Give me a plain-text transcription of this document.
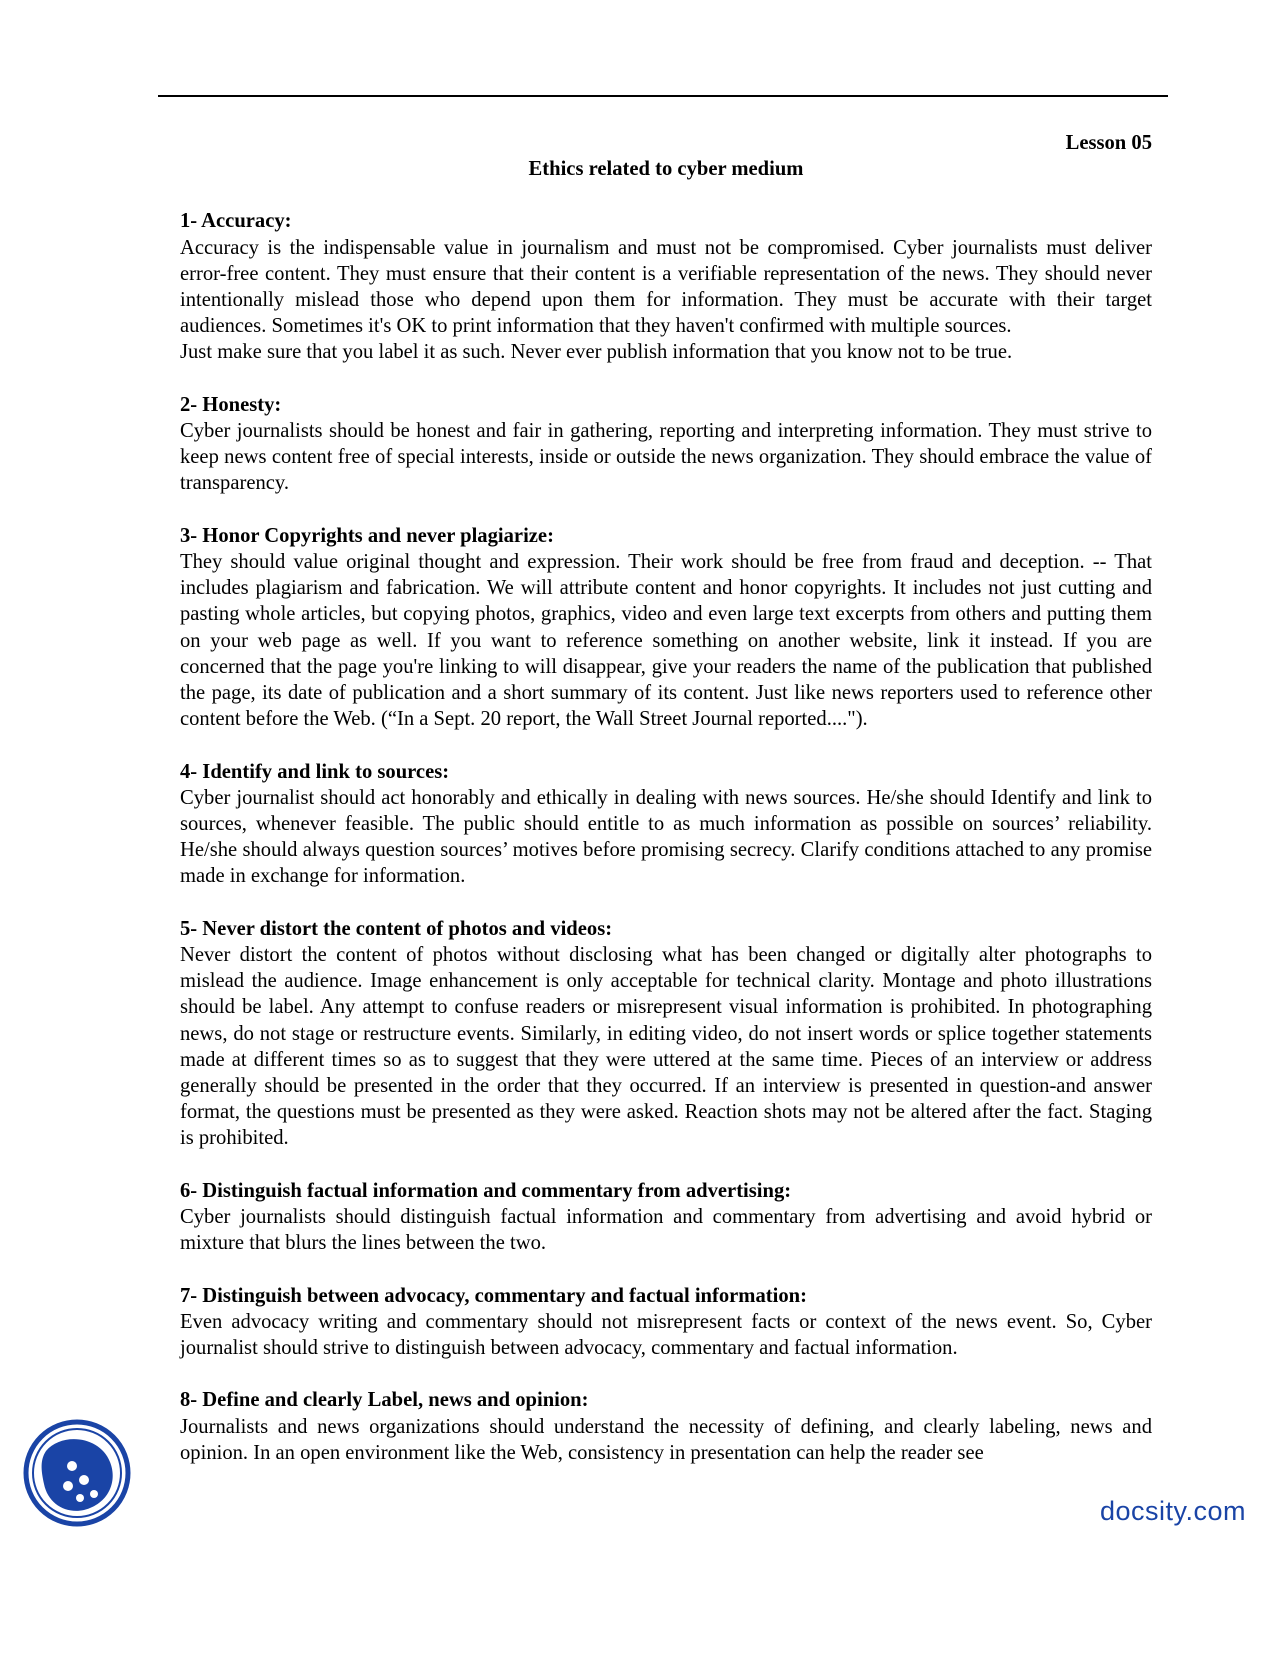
Lesson 05
Ethics related to cyber medium
1- Accuracy:
Accuracy is the indispensable value in journalism and must not be compromised. Cyber journalists must deliver error-free content. They must ensure that their content is a verifiable representation of the news. They should never intentionally mislead those who depend upon them for information. They must be accurate with their target audiences. Sometimes it's OK to print information that they haven't confirmed with multiple sources.
Just make sure that you label it as such. Never ever publish information that you know not to be true.
2- Honesty:
Cyber journalists should be honest and fair in gathering, reporting and interpreting information. They must strive to keep news content free of special interests, inside or outside the news organization. They should embrace the value of transparency.
3- Honor Copyrights and never plagiarize:
They should value original thought and expression. Their work should be free from fraud and deception. -- That includes plagiarism and fabrication. We will attribute content and honor copyrights. It includes not just cutting and pasting whole articles, but copying photos, graphics, video and even large text excerpts from others and putting them on your web page as well. If you want to reference something on another website, link it instead. If you are concerned that the page you're linking to will disappear, give your readers the name of the publication that published the page, its date of publication and a short summary of its content. Just like news reporters used to reference other content before the Web. (“In a Sept. 20 report, the Wall Street Journal reported....").
4- Identify and link to sources:
Cyber journalist should act honorably and ethically in dealing with news sources. He/she should Identify and link to sources, whenever feasible. The public should entitle to as much information as possible on sources’ reliability. He/she should always question sources’ motives before promising secrecy. Clarify conditions attached to any promise made in exchange for information.
5- Never distort the content of photos and videos:
Never distort the content of photos without disclosing what has been changed or digitally alter photographs to mislead the audience. Image enhancement is only acceptable for technical clarity. Montage and photo illustrations should be label. Any attempt to confuse readers or misrepresent visual information is prohibited. In photographing news, do not stage or restructure events. Similarly, in editing video, do not insert words or splice together statements made at different times so as to suggest that they were uttered at the same time. Pieces of an interview or address generally should be presented in the order that they occurred. If an interview is presented in question-and answer format, the questions must be presented as they were asked. Reaction shots may not be altered after the fact. Staging is prohibited.
6- Distinguish factual information and commentary from advertising:
Cyber journalists should distinguish factual information and commentary from advertising and avoid hybrid or mixture that blurs the lines between the two.
7- Distinguish between advocacy, commentary and factual information:
Even advocacy writing and commentary should not misrepresent facts or context of the news event. So, Cyber journalist should strive to distinguish between advocacy, commentary and factual information.
8- Define and clearly Label, news and opinion:
Journalists and news organizations should understand the necessity of defining, and clearly labeling, news and opinion. In an open environment like the Web, consistency in presentation can help the reader see
docsity.com
